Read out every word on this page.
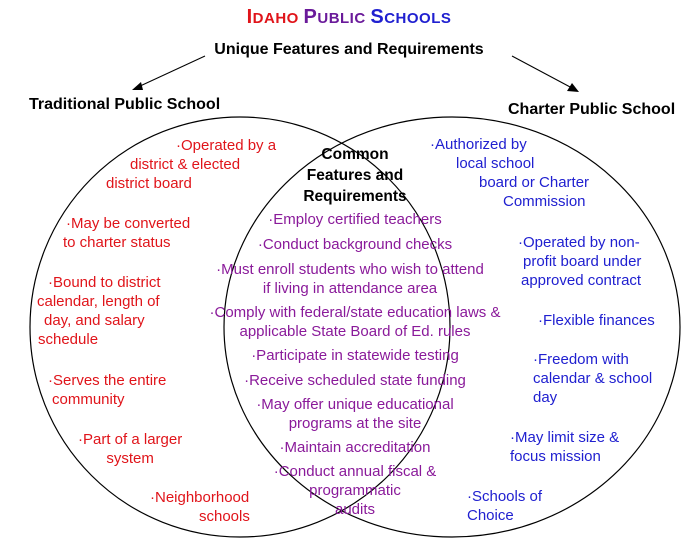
IDAHO PUBLIC SCHOOLS

Unique Features and Requirements

Traditional Public School	Charter Public School

Common
Features and
Requirements
·Operated by a
district & elected
district board
·May be converted
to charter status
·Bound to district
calendar, length of
day, and salary
schedule
·Serves the entire
community
·Part of a larger
system
·Neighborhood
schools
·Authorized by
local school
board or Charter
Commission
·Operated by non-
profit board under
approved contract
·Flexible finances
·Freedom with
calendar & school
day
·May limit size &
focus mission
·Schools of
Choice
·Employ certified teachers
·Conduct background checks
·Must enroll students who wish to attend
if living in attendance area
·Comply with federal/state education laws &
applicable State Board of Ed. rules
·Participate in statewide testing
·Receive scheduled state funding
·May offer unique educational
programs at the site
·Maintain accreditation
·Conduct annual fiscal &
programmatic
audits
